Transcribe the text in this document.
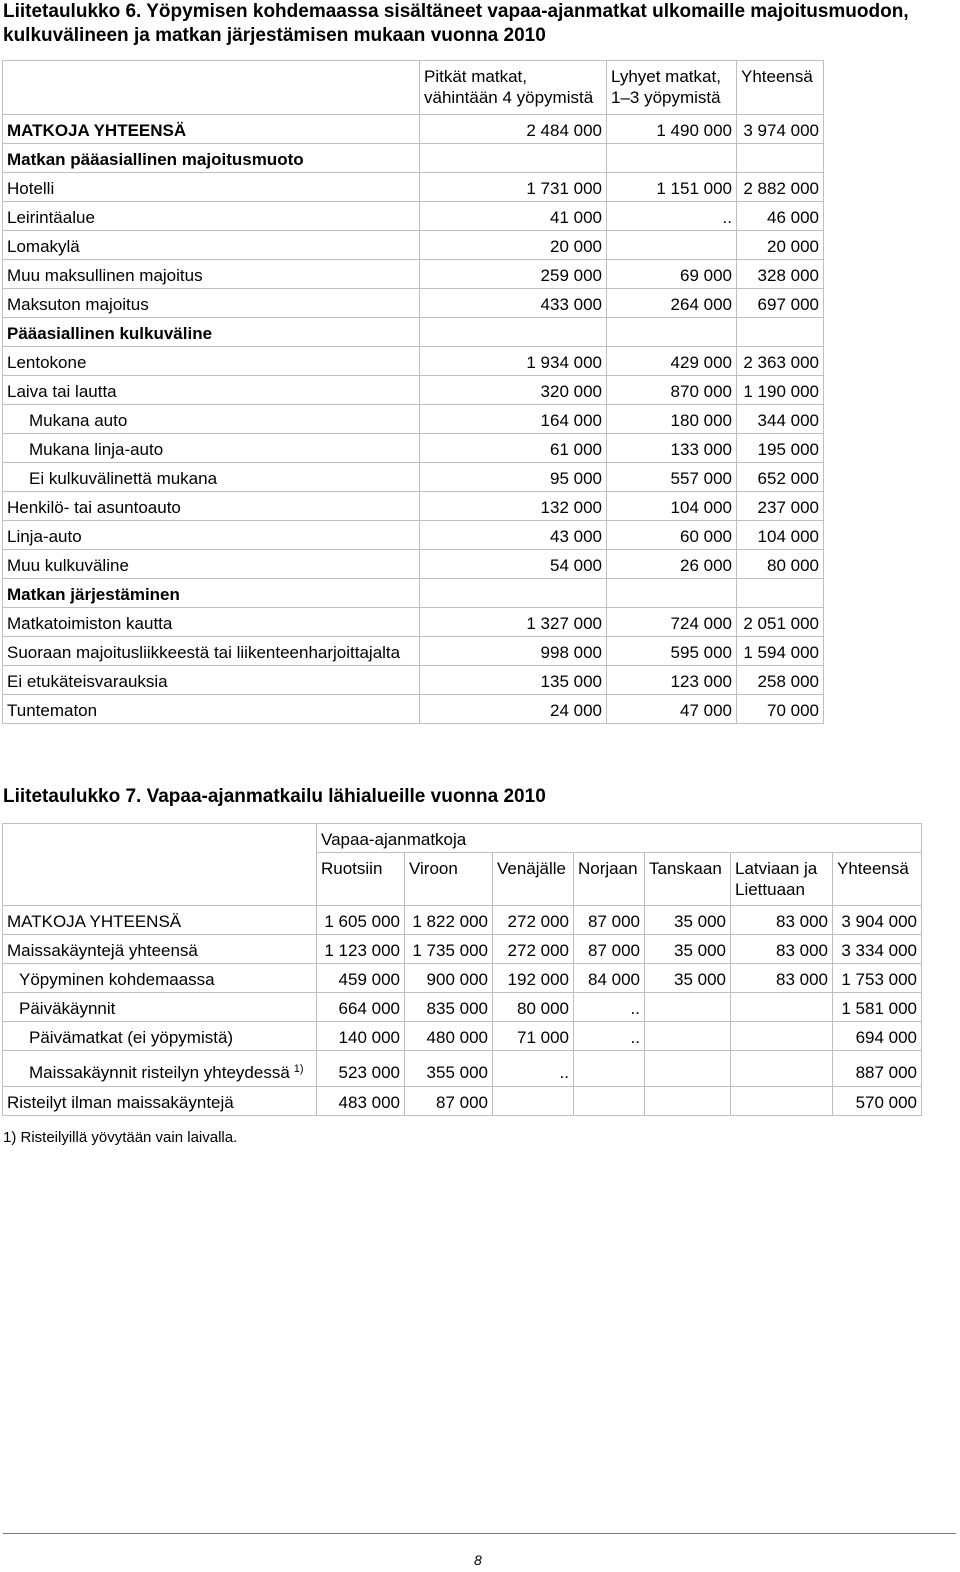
Liitetaulukko 6. Yöpymisen kohdemaassa sisältäneet vapaa-ajanmatkat ulkomaille majoitusmuodon, kulkuvälineen ja matkan järjestämisen mukaan vuonna 2010
	Pitkät matkat, vähintään 4 yöpymistä	Lyhyet matkat, 1–3 yöpymistä	Yhteensä
MATKOJA YHTEENSÄ	2 484 000	1 490 000	3 974 000
Matkan pääasiallinen majoitusmuoto			
Hotelli	1 731 000	1 151 000	2 882 000
Leirintäalue	41 000	..	46 000
Lomakylä	20 000		20 000
Muu maksullinen majoitus	259 000	69 000	328 000
Maksuton majoitus	433 000	264 000	697 000
Pääasiallinen kulkuväline			
Lentokone	1 934 000	429 000	2 363 000
Laiva tai lautta	320 000	870 000	1 190 000
Mukana auto	164 000	180 000	344 000
Mukana linja-auto	61 000	133 000	195 000
Ei kulkuvälinettä mukana	95 000	557 000	652 000
Henkilö- tai asuntoauto	132 000	104 000	237 000
Linja-auto	43 000	60 000	104 000
Muu kulkuväline	54 000	26 000	80 000
Matkan järjestäminen			
Matkatoimiston kautta	1 327 000	724 000	2 051 000
Suoraan majoitusliikkeestä tai liikenteenharjoittajalta	998 000	595 000	1 594 000
Ei etukäteisvarauksia	135 000	123 000	258 000
Tuntematon	24 000	47 000	70 000
Liitetaulukko 7. Vapaa-ajanmatkailu lähialueille vuonna 2010
	Vapaa-ajanmatkoja						
	Ruotsiin	Viroon	Venäjälle	Norjaan	Tanskaan	Latviaan ja Liettuaan	Yhteensä
MATKOJA YHTEENSÄ	1 605 000	1 822 000	272 000	87 000	35 000	83 000	3 904 000
Maissakäyntejä yhteensä	1 123 000	1 735 000	272 000	87 000	35 000	83 000	3 334 000
Yöpyminen kohdemaassa	459 000	900 000	192 000	84 000	35 000	83 000	1 753 000
Päiväkäynnit	664 000	835 000	80 000	..			1 581 000
Päivämatkat (ei yöpymistä)	140 000	480 000	71 000	..			694 000
Maissakäynnit risteilyn yhteydessä $^{1)}$	523 000	355 000	..				887 000
Risteilyt ilman maissakäyntejä	483 000	87 000					570 000
1) Risteilyillä yövytään vain laivalla.
8
